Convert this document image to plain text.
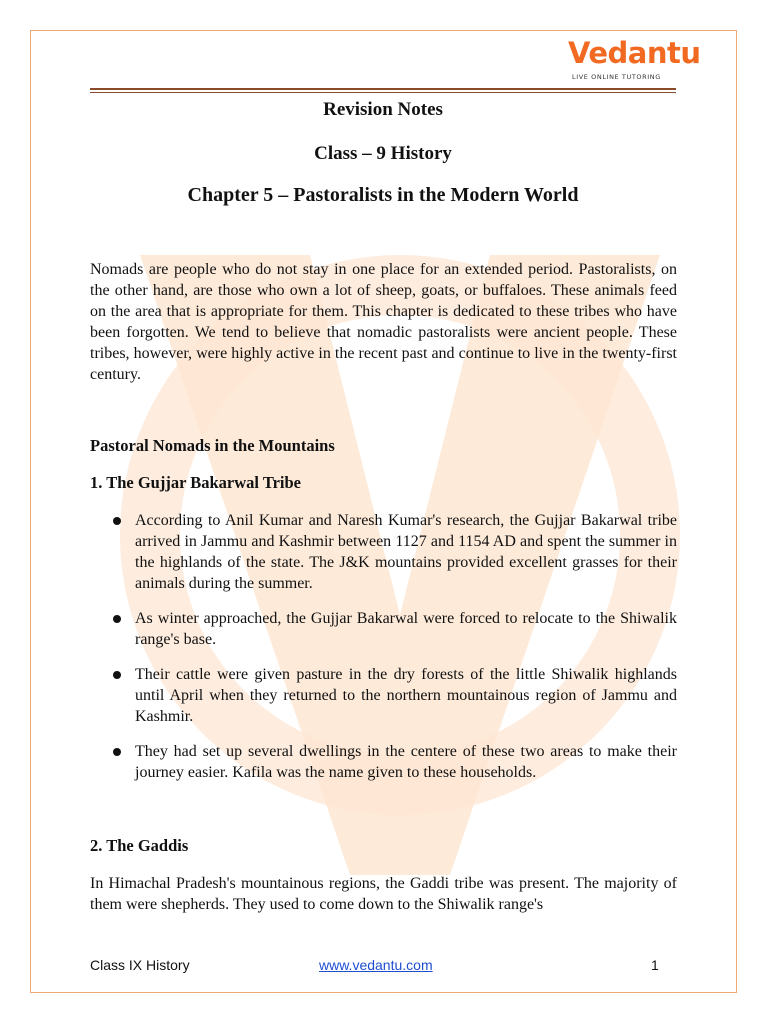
Vedantu
LIVE ONLINE TUTORING
Revision Notes
Class – 9 History
Chapter 5 – Pastoralists in the Modern World

Nomads are people who do not stay in one place for an extended period. Pastoralists, on the other hand, are those who own a lot of sheep, goats, or buffaloes. These animals feed on the area that is appropriate for them. This chapter is dedicated to these tribes who have been forgotten. We tend to believe that nomadic pastoralists were ancient people. These tribes, however, were highly active in the recent past and continue to live in the twenty-first century.

Pastoral Nomads in the Mountains
1. The Gujjar Bakarwal Tribe
According to Anil Kumar and Naresh Kumar's research, the Gujjar Bakarwal tribe arrived in Jammu and Kashmir between 1127 and 1154 AD and spent the summer in the highlands of the state. The J&K mountains provided excellent grasses for their animals during the summer.
As winter approached, the Gujjar Bakarwal were forced to relocate to the Shiwalik range's base.
Their cattle were given pasture in the dry forests of the little Shiwalik highlands until April when they returned to the northern mountainous region of Jammu and Kashmir.
They had set up several dwellings in the centere of these two areas to make their journey easier. Kafila was the name given to these households.
2. The Gaddis

In Himachal Pradesh's mountainous regions, the Gaddi tribe was present. The majority of them were shepherds. They used to come down to the Shiwalik range's

Class IX History	www.vedantu.com	1
